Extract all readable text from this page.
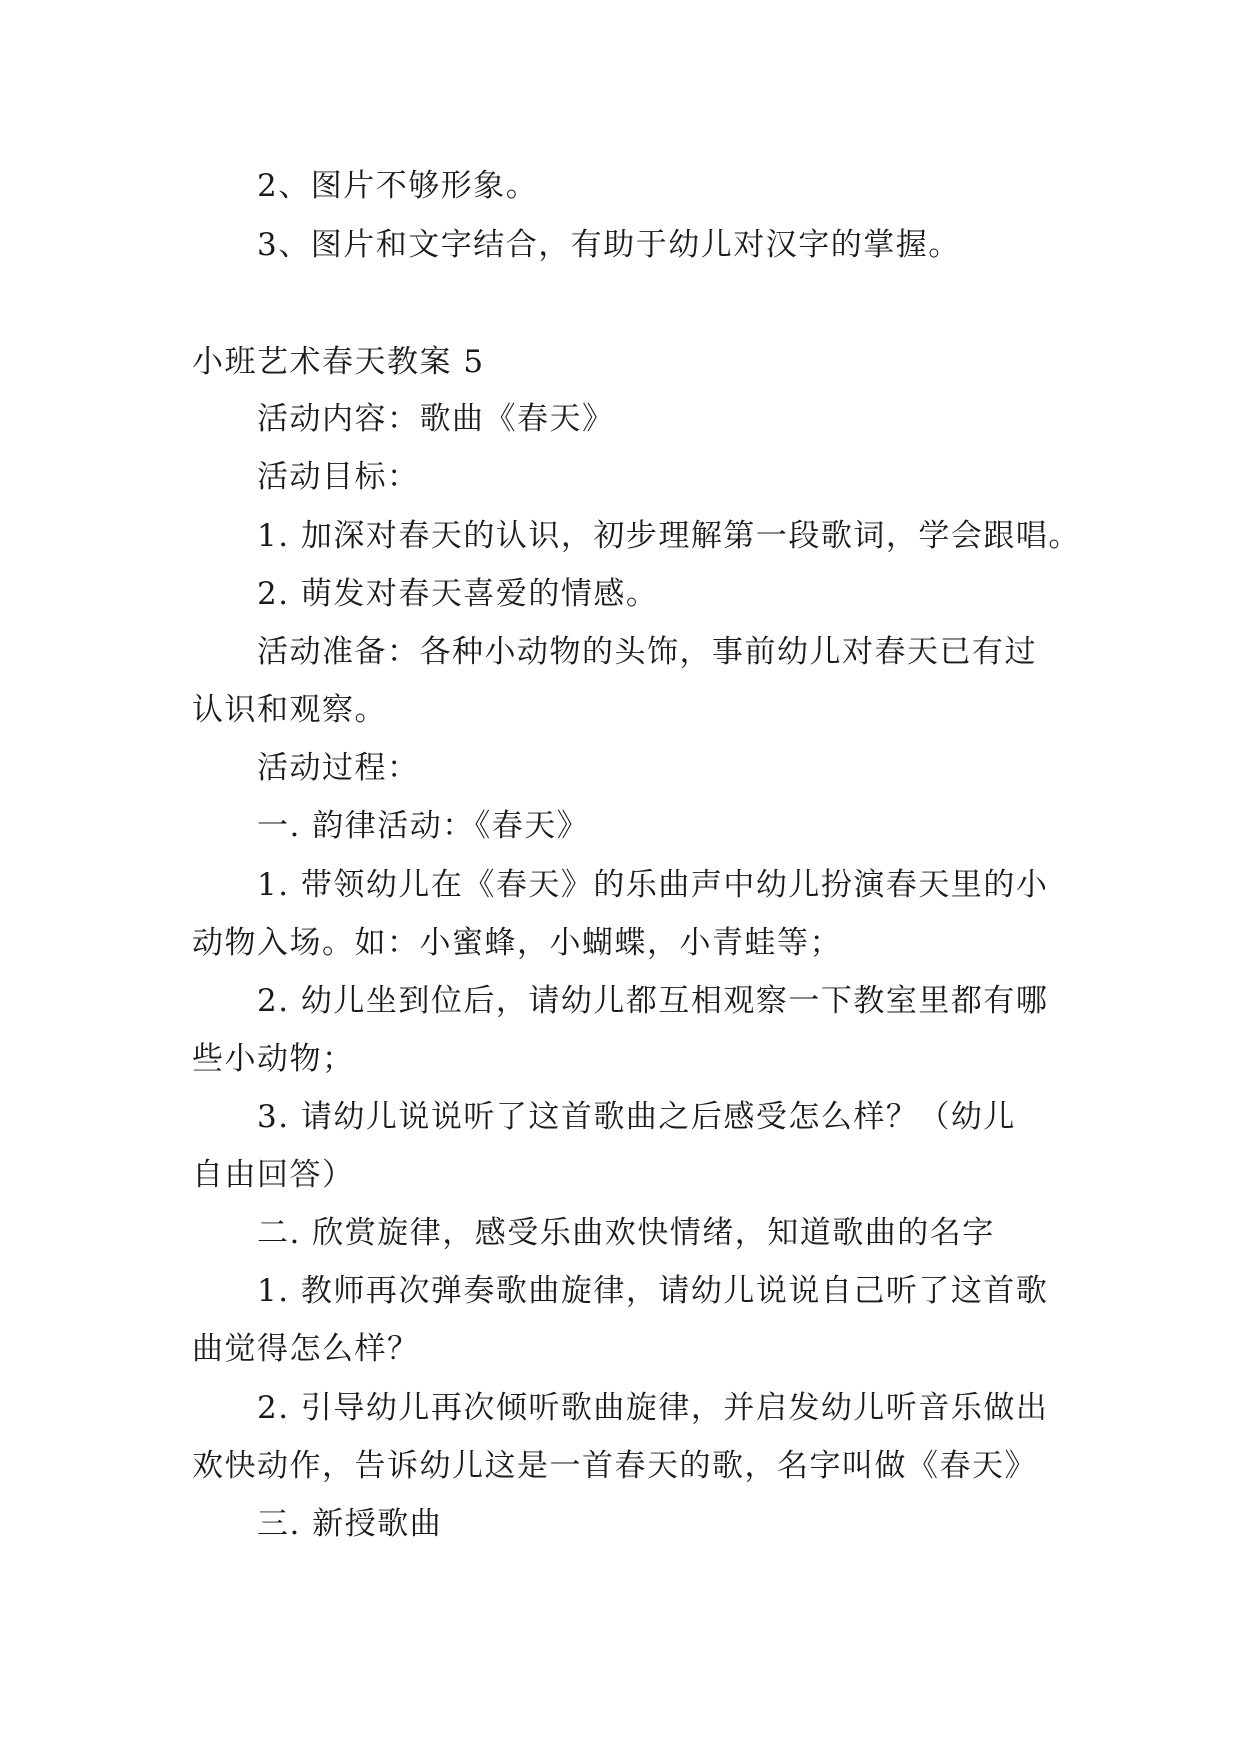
2、图片不够形象。
3、图片和文字结合，有助于幼儿对汉字的掌握。
小班艺术春天教案 5
活动内容：歌曲《春天》
活动目标：
1. 加深对春天的认识，初步理解第一段歌词，学会跟唱。
2. 萌发对春天喜爱的情感。
活动准备：各种小动物的头饰，事前幼儿对春天已有过
认识和观察。
活动过程：
一. 韵律活动：《春天》
1. 带领幼儿在《春天》的乐曲声中幼儿扮演春天里的小
动物入场。如：小蜜蜂，小蝴蝶，小青蛙等；
2. 幼儿坐到位后，请幼儿都互相观察一下教室里都有哪
些小动物；
3. 请幼儿说说听了这首歌曲之后感受怎么样？（幼儿
自由回答）
二. 欣赏旋律，感受乐曲欢快情绪，知道歌曲的名字
1. 教师再次弹奏歌曲旋律，请幼儿说说自己听了这首歌
曲觉得怎么样？
2. 引导幼儿再次倾听歌曲旋律，并启发幼儿听音乐做出
欢快动作，告诉幼儿这是一首春天的歌，名字叫做《春天》
三. 新授歌曲
